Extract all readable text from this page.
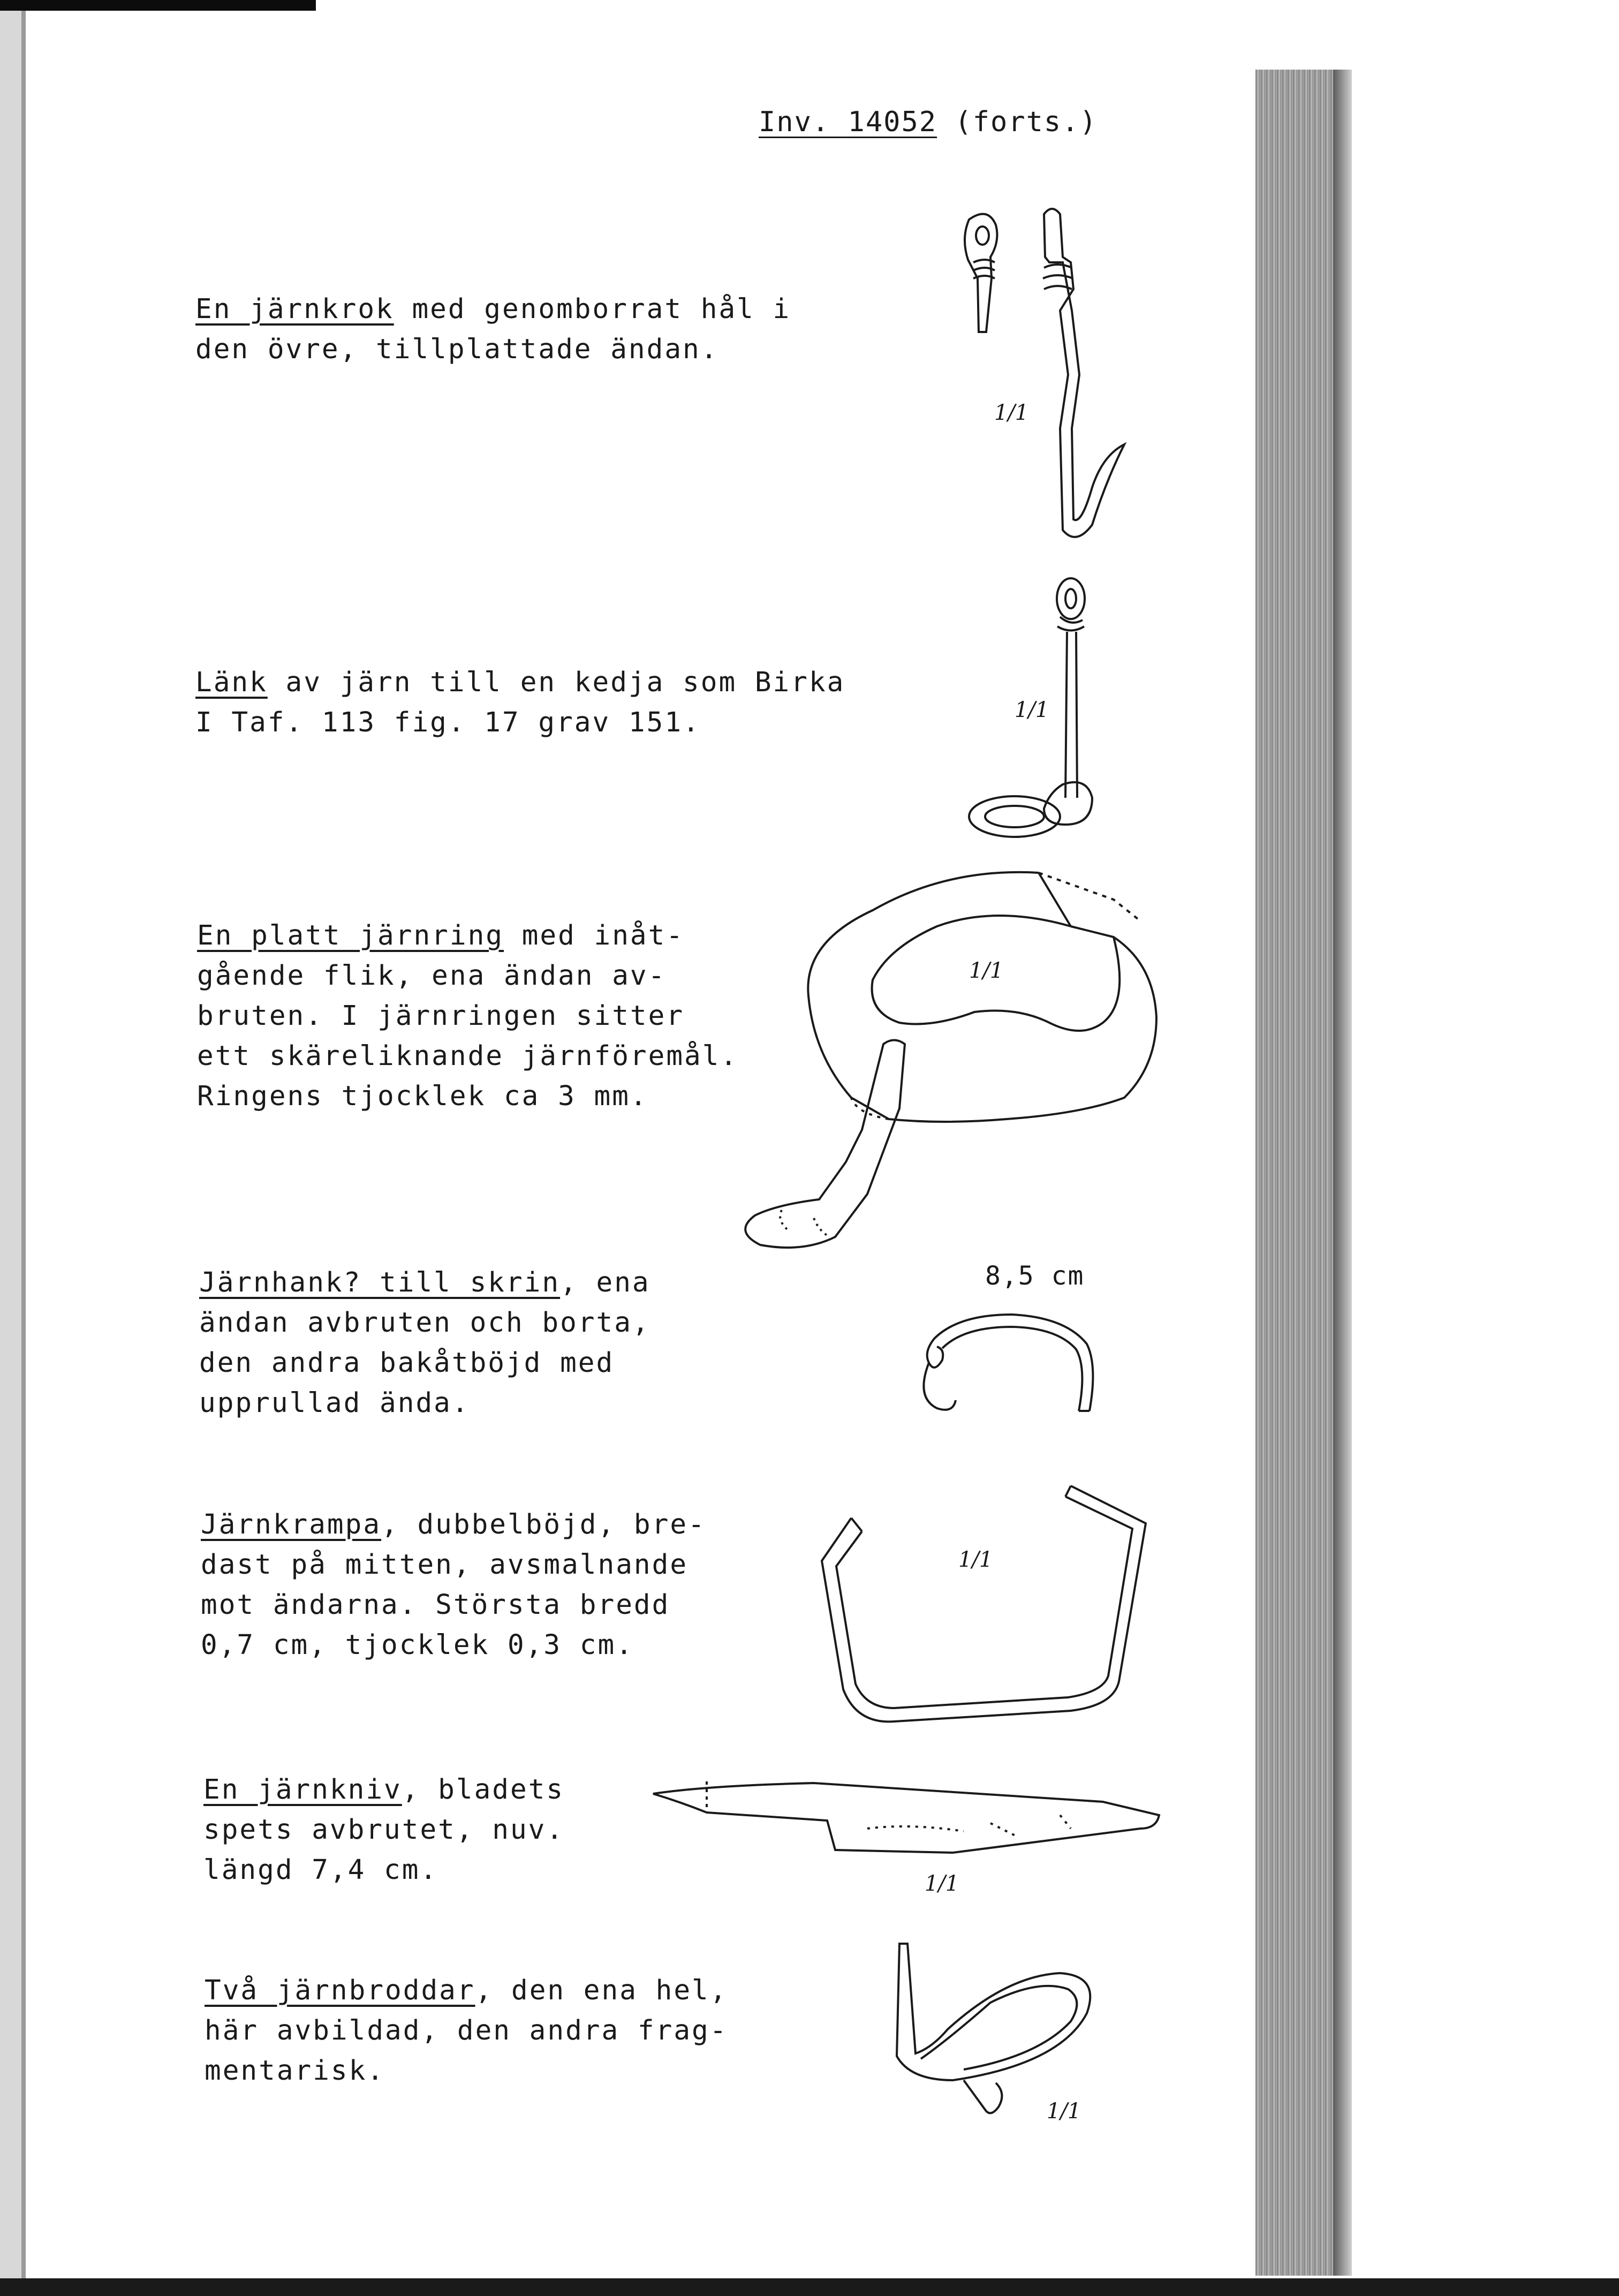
Inv. 14052 (forts.)
En järnkrok med genomborrat hål i
den övre, tillplattade ändan.
1/1
Länk av järn till en kedja som Birka
I Taf. 113 fig. 17 grav 151.	1/1
En platt järnring med inåt-
gående flik, ena ändan av-
bruten. I järnringen sitter
ett skäreliknande järnföremål.
Ringens tjocklek ca 3 mm.
1/1
Järnhank? till skrin, ena
ändan avbruten och borta,
den andra bakåtböjd med
upprullad ända.
8,5 cm
Järnkrampa, dubbelböjd, bre-
dast på mitten, avsmalnande
mot ändarna. Största bredd
0,7 cm, tjocklek 0,3 cm.
1/1
En järnkniv, bladets
spets avbrutet, nuv.
längd 7,4 cm.	1/1
Två järnbroddar, den ena hel,
här avbildad, den andra frag-
mentarisk.
1/1
